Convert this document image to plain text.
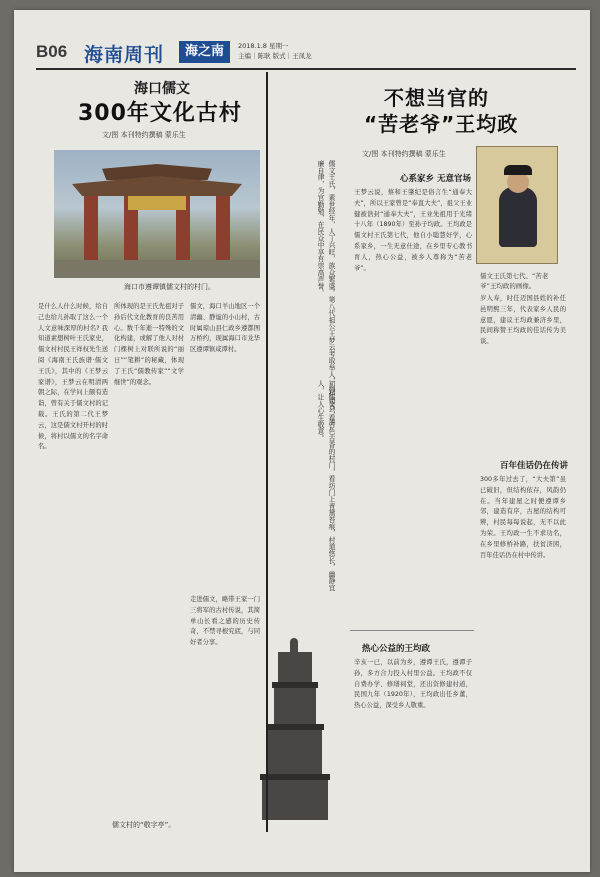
B06 海南周刊	海之南	2018.1.8 星期一
主编｜陈耿 版式｜王凤龙
海口儒文
300年文化古村
文/图 本刊特约撰稿 蒙乐生
海口市遵谭镇儒文村的村门。
是什么人什么时候，给自己也给儿孙取了这么一个人文意味深厚的村名? 我知道素想树叶王氏家史，儒文村村民王祥权先生送阅《海南王氏族谱·儒文王氏》，其中的《王梦云家谱》，王梦云在明清两朝之际，在学问上颇有造诣，曾有关于儒文村的记载。王氏的第二代王梦云，这是儒文村开村的时候，将村以儒文的名字命名。
所体现的是王氏先祖对子孙后代文化教育的良苦用心。数千年逝一特殊的文化构建，或解了他人对村门棵树上对联所说的“丽日”“笔耕”的秘藏，体现了王氏“儒教传家”“文学继世”的观念。
儒文，海口羊山地区一个清幽、静谧的小山村，古时属琼山县仁政乡遵都图万桥约，现属海口市龙华区遵谭镇咸谭村。
走进儒文，略带王家一门三将军的古村传说，其简单山长看之感的历史传奇，不禁寻根究底，与同好者分享。
儒文王氏，素世经年，人丁兴旺，族众繁盛。第八代祖公王梦云考取举人，出任知县，清廉自律，为官勤勉，在民众中享有崇高声誉。
初到儒文，看古色古香的村门，看坊门上青黛苔痕，村道悠长，幽静宜人，让人心生敬意。
儒文村的“敬字亭”。
不想当官的
“苦老爷”王均政
文/图 本刊特约撰稿 蒙乐生
儒文王氏第七代、“苦老爷”王均政的画像。
心系家乡 无意官场
热心公益的王均政
百年佳话仍在传讲
王梦云说，蔡和王肇纪是俗言生“通奉大夫”，所以王家曾是“奉直大夫”，祖父王业健被诰封“通奉大夫”，王业先祖用于光绪十八年（1890年）至孙子均政。王均政是儒文村王氏第七代，他自小聪慧好学，心系家乡，一生无意仕途，在乡里专心教书育人，热心公益，被乡人尊称为“苦老爷”。
岁入寿，时任迈国县姓的补任邑明熙三年，代表家乡人民的意愿，建议王均政兼济乡里，民间称赞王均政的佳话传为美谈。
300多年过去了，“大夫第”虽已破旧，但结构依存，风韵仍在。当年建屋之时便遵谭乡邻，建造有序，古屋的结构可辨，村民每每说起，无不以此为荣。王均政一生不求功名，在乡里修桥补路，扶贫济困，百年佳话仍在村中传讲。
辛亥一已，以前为乡，遵谭王氏，遵谭子孙，多方合力投入村里公益。王均政不仅自费办学、修缮祠堂，还出资修建村道，民国九年（1920年），王均政出任乡董，热心公益，深受乡人敬重。
